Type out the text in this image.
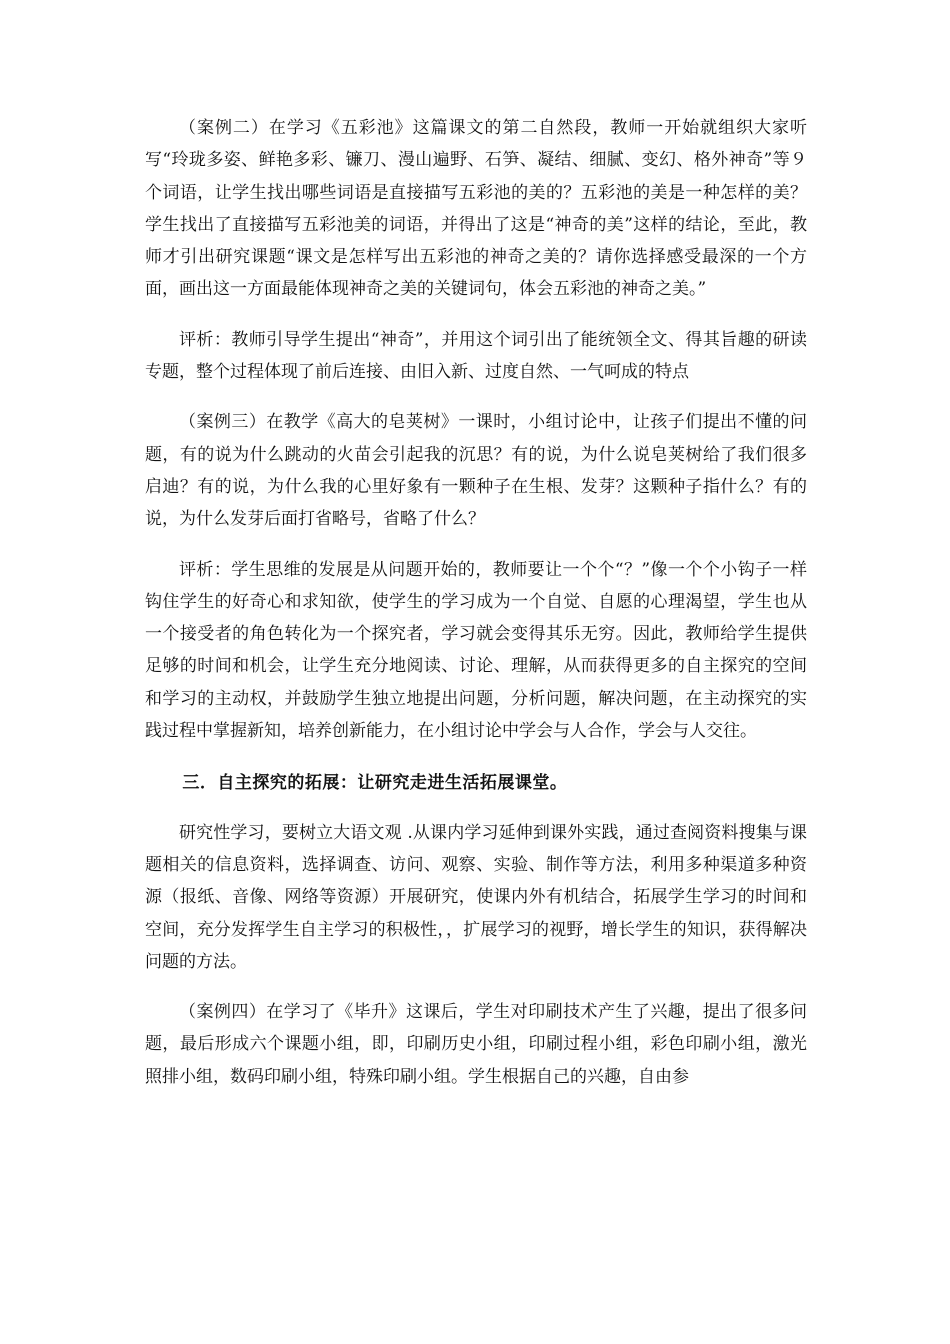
（案例二）在学习《五彩池》这篇课文的第二自然段，教师一开始就组织大家听写“玲珑多姿、鲜艳多彩、镰刀、漫山遍野、石笋、凝结、细腻、变幻、格外神奇”等９个词语，让学生找出哪些词语是直接描写五彩池的美的？五彩池的美是一种怎样的美？学生找出了直接描写五彩池美的词语，并得出了这是“神奇的美”这样的结论，至此，教师才引出研究课题“课文是怎样写出五彩池的神奇之美的？请你选择感受最深的一个方面，画出这一方面最能体现神奇之美的关键词句，体会五彩池的神奇之美。”

评析：教师引导学生提出“神奇”，并用这个词引出了能统领全文、得其旨趣的研读专题，整个过程体现了前后连接、由旧入新、过度自然、一气呵成的特点

（案例三）在教学《高大的皂荚树》一课时，小组讨论中，让孩子们提出不懂的问题，有的说为什么跳动的火苗会引起我的沉思？有的说，为什么说皂荚树给了我们很多启迪？有的说，为什么我的心里好象有一颗种子在生根、发芽？这颗种子指什么？有的说，为什么发芽后面打省略号，省略了什么？

评析：学生思维的发展是从问题开始的，教师要让一个个“？”像一个个小钩子一样钩住学生的好奇心和求知欲，使学生的学习成为一个自觉、自愿的心理渴望，学生也从一个接受者的角色转化为一个探究者，学习就会变得其乐无穷。因此，教师给学生提供足够的时间和机会，让学生充分地阅读、讨论、理解，从而获得更多的自主探究的空间和学习的主动权，并鼓励学生独立地提出问题，分析问题，解决问题，在主动探究的实践过程中掌握新知，培养创新能力，在小组讨论中学会与人合作，学会与人交往。

三．自主探究的拓展：让研究走进生活拓展课堂。

研究性学习，要树立大语文观 .从课内学习延伸到课外实践，通过查阅资料搜集与课题相关的信息资料，选择调查、访问、观察、实验、制作等方法，利用多种渠道多种资源（报纸、音像、网络等资源）开展研究，使课内外有机结合，拓展学生学习的时间和空间，充分发挥学生自主学习的积极性，，扩展学习的视野，增长学生的知识，获得解决问题的方法。

（案例四）在学习了《毕升》这课后，学生对印刷技术产生了兴趣，提出了很多问题，最后形成六个课题小组，即，印刷历史小组，印刷过程小组，彩色印刷小组，激光照排小组，数码印刷小组，特殊印刷小组。学生根据自己的兴趣，自由参
